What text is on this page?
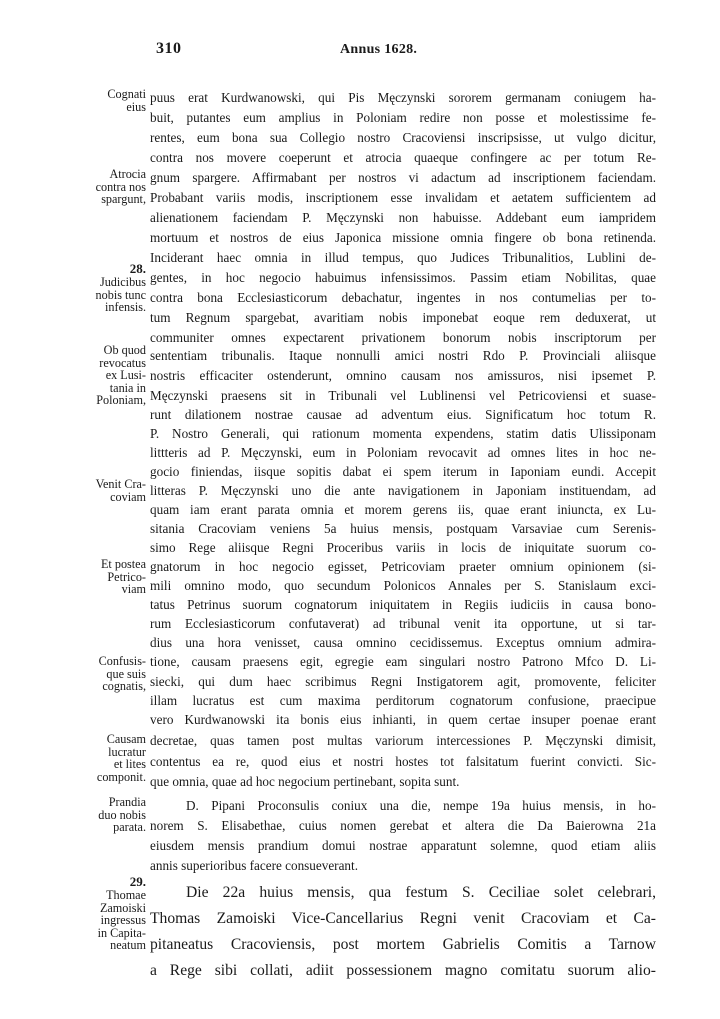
310	Annus 1628.
Cognati
eius
Atrocia
contra nos
spargunt,
28.
Judicibus
nobis tunc
infensis.
Ob quod
revocatus
ex Lusi-
tania in
Poloniam,
Venit Cra-
coviam
Et postea
Petrico-
viam
Confusis-
que suis
cognatis,
Causam
lucratur
et lites
componit.
Prandia
duo nobis
parata.
29.
Thomae
Zamoiski
ingressus
in Capita-
neatum
puus erat Kurdwanowski, qui Pis Męczynski sororem germanam coniugem ha-
buit, putantes eum amplius in Poloniam redire non posse et molestissime fe-
rentes, eum bona sua Collegio nostro Cracoviensi inscripsisse, ut vulgo dicitur,
contra nos movere coeperunt et atrocia quaeque confingere ac per totum Re-
gnum spargere. Affirmabant per nostros vi adactum ad inscriptionem faciendam.
Probabant variis modis, inscriptionem esse invalidam et aetatem sufficientem ad
alienationem faciendam P. Męczynski non habuisse. Addebant eum iampridem
mortuum et nostros de eius Japonica missione omnia fingere ob bona retinenda.
Inciderant haec omnia in illud tempus, quo Judices Tribunalitios, Lublini de-
gentes, in hoc negocio habuimus infensissimos. Passim etiam Nobilitas, quae
contra bona Ecclesiasticorum debachatur, ingentes in nos contumelias per to-
tum Regnum spargebat, avaritiam nobis imponebat eoque rem deduxerat, ut
communiter omnes expectarent privationem bonorum nobis inscriptorum per
sententiam tribunalis. Itaque nonnulli amici nostri Rdo P. Provinciali aliisque
nostris efficaciter ostenderunt, omnino causam nos amissuros, nisi ipsemet P.
Męczynski praesens sit in Tribunali vel Lublinensi vel Petricoviensi et suase-
runt dilationem nostrae causae ad adventum eius. Significatum hoc totum R.
P. Nostro Generali, qui rationum momenta expendens, statim datis Ulissiponam
littteris ad P. Męczynski, eum in Poloniam revocavit ad omnes lites in hoc ne-
gocio finiendas, iisque sopitis dabat ei spem iterum in Iaponiam eundi. Accepit
litteras P. Męczynski uno die ante navigationem in Japoniam instituendam, ad
quam iam erant parata omnia et morem gerens iis, quae erant iniuncta, ex Lu-
sitania Cracoviam veniens 5a huius mensis, postquam Varsaviae cum Serenis-
simo Rege aliisque Regni Proceribus variis in locis de iniquitate suorum co-
gnatorum in hoc negocio egisset, Petricoviam praeter omnium opinionem (si-
mili omnino modo, quo secundum Polonicos Annales per S. Stanislaum exci-
tatus Petrinus suorum cognatorum iniquitatem in Regiis iudiciis in causa bono-
rum Ecclesiasticorum confutaverat) ad tribunal venit ita opportune, ut si tar-
dius una hora venisset, causa omnino cecidissemus. Exceptus omnium admira-
tione, causam praesens egit, egregie eam singulari nostro Patrono Mfco D. Li-
siecki, qui dum haec scribimus Regni Instigatorem agit, promovente, feliciter
illam lucratus est cum maxima perditorum cognatorum confusione, praecipue
vero Kurdwanowski ita bonis eius inhianti, in quem certae insuper poenae erant
decretae, quas tamen post multas variorum intercessiones P. Męczynski dimisit,
contentus ea re, quod eius et nostri hostes tot falsitatum fuerint convicti. Sic-
que omnia, quae ad hoc negocium pertinebant, sopita sunt.
D. Pipani Proconsulis coniux una die, nempe 19a huius mensis, in ho-
norem S. Elisabethae, cuius nomen gerebat et altera die Da Baierowna 21a
eiusdem mensis prandium domui nostrae apparatunt solemne, quod etiam aliis
annis superioribus facere consueverant.
Die 22a huius mensis, qua festum S. Ceciliae solet celebrari,
Thomas Zamoiski Vice-Cancellarius Regni venit Cracoviam et Ca-
pitaneatus Cracoviensis, post mortem Gabrielis Comitis a Tarnow
a Rege sibi collati, adiit possessionem magno comitatu suorum alio-
